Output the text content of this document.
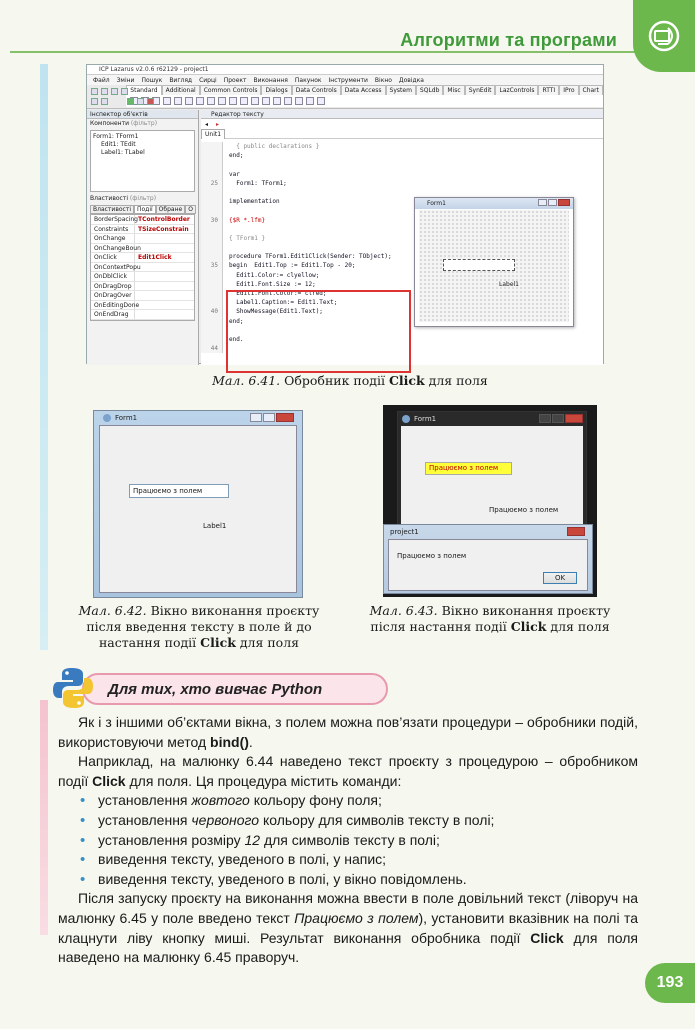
Алгоритми та програми
ICP Lazarus v2.0.6 r62129 - project1
Файл Зміни Пошук Вигляд Сирці Проект Виконання Пакунок Інструменти Вікно Довідка
Standard	Additional	Common Controls	Dialogs	Data Controls	Data Access	System	SQLdb	Misc	SynEdit	LazControls	RTTI	IPro	Chart
Інспектор об'єктів
Компоненти (фільтр)
Form1: TForm1
Edit1: TEdit
Label1: TLabel
Властивості (фільтр)
Властивості	Події	Обране	О
BorderSpacing TControlBorder
Constraints	TSizeConstrain
OnChange
OnChangeBoun
OnClick	Edit1Click
OnContextPopu
OnDblClick
OnDragDrop
OnDragOver
OnEditingDone
OnEndDrag
Редактор тексту
◂	▸
Unit1
{ public declarations }
end;
var
25	Form1: TForm1;
implementation
30	{$R *.lfm}
{ TForm1 }
procedure TForm1.Edit1Click(Sender: TObject);
35	begin  Edit1.Top := Edit1.Top - 20;
Edit1.Color:= clyellow;
Edit1.Font.Size := 12;
Edit1.Font.Color:= clred;
Label1.Caption:= Edit1.Text;
40	ShowMessage(Edit1.Text);
end;
end.
44
Form1
Label1
Мал. 6.41. Обробник події Click для поля
Form1
Працюємо з полем
Label1
Form1
Працюємо з полем
Працюємо з полем
project1
Працюємо з полем
OK
Мал. 6.42. Вікно виконання проєкту
після введення тексту в поле й до
настання події Click для поля
Мал. 6.43. Вікно виконання проєкту
після настання події Click для поля
Для тих, хто вивчає Python

Як і з іншими об’єктами вікна, з полем можна пов’язати процедури – обробники подій, використовуючи метод bind().

Наприклад, на малюнку 6.44 наведено текст проєкту з процедурою – обробником події Click для поля. Ця процедура містить команди:

• установлення жовтого кольору фону поля;
• установлення червоного кольору для символів тексту в полі;
• установлення розміру 12 для символів тексту в полі;
• виведення тексту, уведеного в полі, у напис;
• виведення тексту, уведеного в полі, у вікно повідомлень.

Після запуску проєкту на виконання можна ввести в поле довільний текст (ліворуч на малюнку 6.45 у поле введено текст Працюємо з полем), установити вказівник на полі та клацнути ліву кнопку миші. Результат виконання обробника події Click для поля наведено на малюнку 6.45 праворуч.

193
